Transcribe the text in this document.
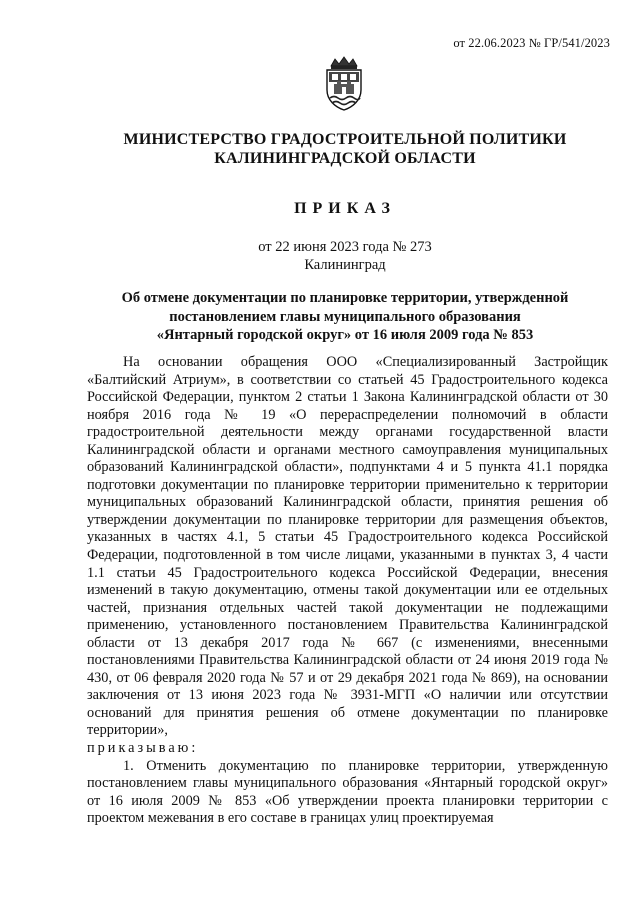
от 22.06.2023 № ГР/541/2023
МИНИСТЕРСТВО ГРАДОСТРОИТЕЛЬНОЙ ПОЛИТИКИ
КАЛИНИНГРАДСКОЙ ОБЛАСТИ
ПРИКАЗ
от 22 июня 2023 года № 273
Калининград
Об отмене документации по планировке территории, утвержденной
постановлением главы муниципального образования
«Янтарный городской округ» от 16 июля 2009 года № 853

На основании обращения ООО «Специализированный Застройщик «Балтийский Атриум», в соответствии со статьей 45 Градостроительного кодекса Российской Федерации, пунктом 2 статьи 1 Закона Калининградской области от 30 ноября 2016 года № 19 «О перераспределении полномочий в области градостроительной деятельности между органами государственной власти Калининградской области и органами местного самоуправления муниципальных образований Калининградской области», подпунктами 4 и 5 пункта 41.1 порядка подготовки документации по планировке территории применительно к территории муниципальных образований Калининградской области, принятия решения об утверждении документации по планировке территории для размещения объектов, указанных в частях 4.1, 5 статьи 45 Градостроительного кодекса Российской Федерации, подготовленной в том числе лицами, указанными в пунктах 3, 4 части 1.1 статьи 45 Градостроительного кодекса Российской Федерации, внесения изменений в такую документацию, отмены такой документации или ее отдельных частей, признания отдельных частей такой документации не подлежащими применению, установленного постановлением Правительства Калининградской области от 13 декабря 2017 года № 667 (с изменениями, внесенными постановлениями Правительства Калининградской области от 24 июня 2019 года № 430, от 06 февраля 2020 года № 57 и от 29 декабря 2021 года № 869), на основании заключения от 13 июня 2023 года № 3931-МГП «О наличии или отсутствии оснований для принятия решения об отмене документации по планировке территории»,

приказываю:

1. Отменить документацию по планировке территории, утвержденную постановлением главы муниципального образования «Янтарный городской округ» от 16 июля 2009 № 853 «Об утверждении проекта планировки территории с проектом межевания в его составе в границах улиц проектируемая
